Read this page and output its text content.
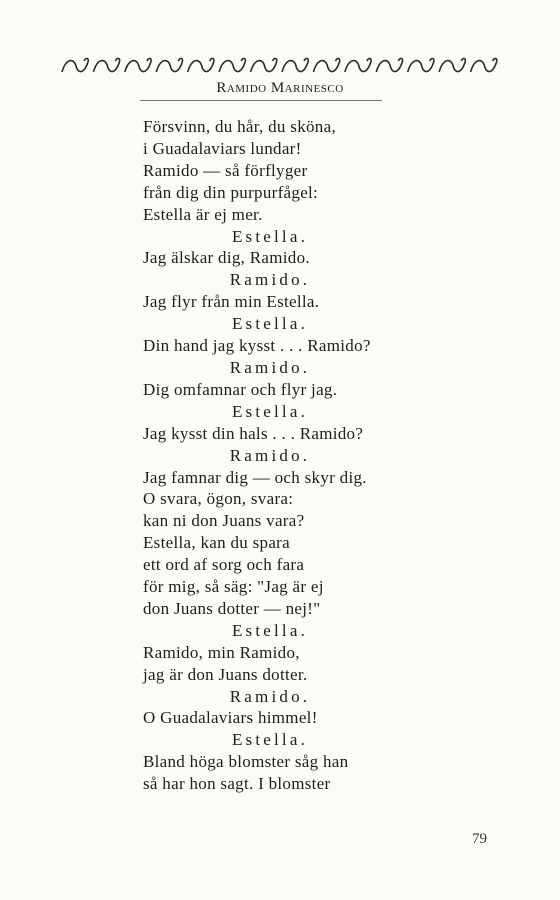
Ramido Marinesco
Försvinn, du hår, du sköna,
i Guadalaviars lundar!
Ramido — så förflyger
från dig din purpurfågel:
Estella är ej mer.
Estella.
Jag älskar dig, Ramido.
Ramido.
Jag flyr från min Estella.
Estella.
Din hand jag kysst . . . Ramido?
Ramido.
Dig omfamnar och flyr jag.
Estella.
Jag kysst din hals . . . Ramido?
Ramido.
Jag famnar dig — och skyr dig.
O svara, ögon, svara:
kan ni don Juans vara?
Estella, kan du spara
ett ord af sorg och fara
för mig, så säg: "Jag är ej
don Juans dotter — nej!"
Estella.
Ramido, min Ramido,
jag är don Juans dotter.
Ramido.
O Guadalaviars himmel!
Estella.
Bland höga blomster såg han
så har hon sagt. I blomster
79
